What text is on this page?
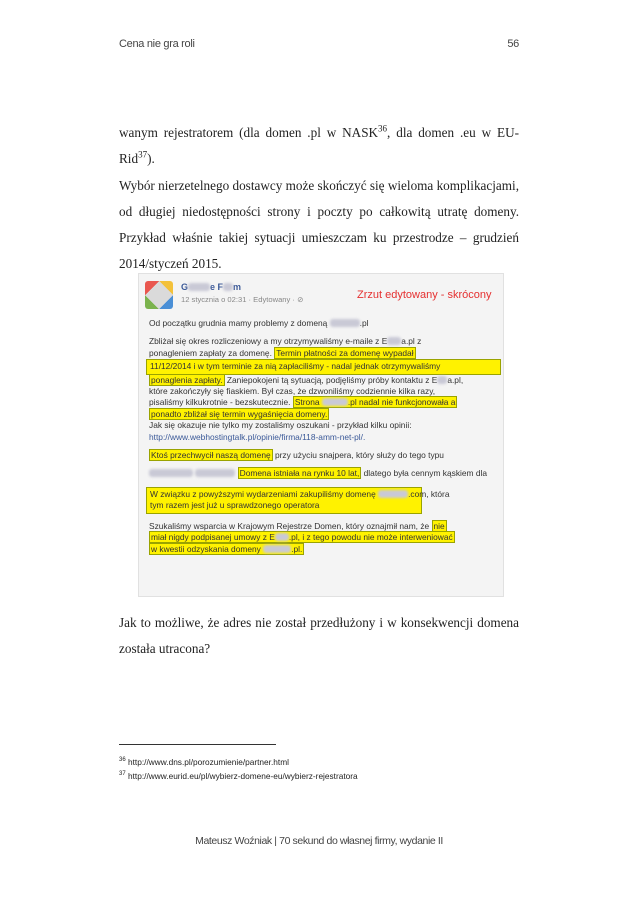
Cena nie gra roli	56
wanym rejestratorem (dla domen .pl w NASK$^{36}$, dla domen .eu w EU-Rid$^{37}$).
Wybór nierzetelnego dostawcy może skończyć się wieloma komplikacjami, od długiej niedostępności strony i poczty po całkowitą utratę domeny. Przykład właśnie takiej sytuacji umieszczam ku przestrodze – grudzień 2014/styczeń 2015.
G e F m
12 stycznia o 02:31 · Edytowany · ⊘	Zrzut edytowany - skrócony
Od początku grudnia mamy problemy z domeną	.pl
Zbliżał się okres rozliczeniowy a my otrzymywaliśmy e-maile z E a.pl z
ponagleniem zapłaty za domenę. Termin płatności za domenę wypadał
11/12/2014 i w tym terminie za nią zapłaciliśmy - nadal jednak otrzymywaliśmy
ponaglenia zapłaty. Zaniepokojeni tą sytuacją, podjęliśmy próby kontaktu z E a.pl,
które zakończyły się fiaskiem. Był czas, że dzwoniliśmy codziennie kilka razy,
pisaliśmy kilkukrotnie - bezskutecznie. Strona	.pl nadal nie funkcjonowała a
ponadto zbliżał się termin wygaśnięcia domeny.
Jak się okazuje nie tylko my zostaliśmy oszukani - przykład kilku opinii:
http://www.webhostingtalk.pl/opinie/firma/118-amm-net-pl/.
Ktoś przechwycił naszą domenę przy użyciu snajpera, który służy do tego typu
Domena istniała na rynku 10 lat, dlatego była cennym kąskiem dla
W związku z powyższymi wydarzeniami zakupiliśmy domenę	.com, która
tym razem jest już u sprawdzonego operatora
Szukaliśmy wsparcia w Krajowym Rejestrze Domen, który oznajmił nam, że nie
miał nigdy podpisanej umowy z E .pl, i z tego powodu nie może interweniować
w kwestii odzyskania domeny	.pl.
Jak to możliwe, że adres nie został przedłużony i w konsekwencji domena została utracona?
$^{36}$ http://www.dns.pl/porozumienie/partner.html
$^{37}$ http://www.eurid.eu/pl/wybierz-domene-eu/wybierz-rejestratora
Mateusz Woźniak | 70 sekund do własnej firmy, wydanie II
